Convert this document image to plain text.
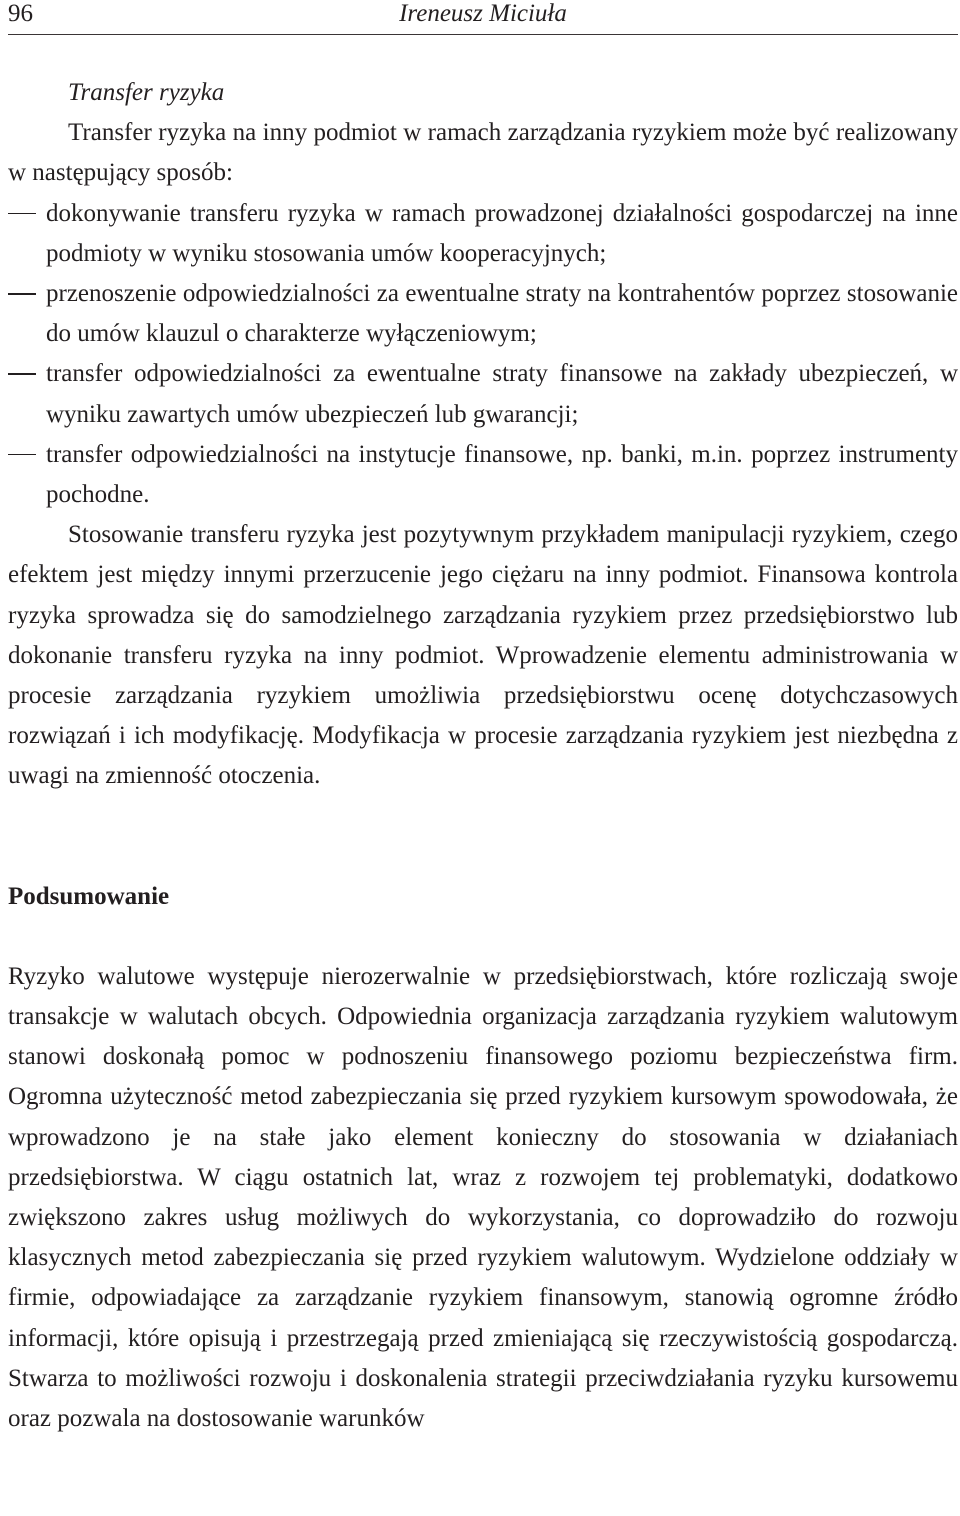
96	Ireneusz Miciuła
Transfer ryzyka

Transfer ryzyka na inny podmiot w ramach zarządzania ryzykiem może być realizowany w następujący sposób:

dokonywanie transferu ryzyka w ramach prowadzonej działalności gospodarczej na inne podmioty w wyniku stosowania umów kooperacyjnych;
przenoszenie odpowiedzialności za ewentualne straty na kontrahentów poprzez stosowanie do umów klauzul o charakterze wyłączeniowym;
transfer odpowiedzialności za ewentualne straty finansowe na zakłady ubezpieczeń, w wyniku zawartych umów ubezpieczeń lub gwarancji;
transfer odpowiedzialności na instytucje finansowe, np. banki, m.in. poprzez instrumenty pochodne.

Stosowanie transferu ryzyka jest pozytywnym przykładem manipulacji ryzykiem, czego efektem jest między innymi przerzucenie jego ciężaru na inny podmiot. Finansowa kontrola ryzyka sprowadza się do samodzielnego zarządzania ryzykiem przez przedsiębiorstwo lub dokonanie transferu ryzyka na inny podmiot. Wprowadzenie elementu administrowania w procesie zarządzania ryzykiem umożliwia przedsiębiorstwu ocenę dotychczasowych rozwiązań i ich modyfikację. Modyfikacja w procesie zarządzania ryzykiem jest niezbędna z uwagi na zmienność otoczenia.

Podsumowanie

Ryzyko walutowe występuje nierozerwalnie w przedsiębiorstwach, które rozliczają swoje transakcje w walutach obcych. Odpowiednia organizacja zarządzania ryzykiem walutowym stanowi doskonałą pomoc w podnoszeniu finansowego poziomu bezpieczeństwa firm. Ogromna użyteczność metod zabezpieczania się przed ryzykiem kursowym spowodowała, że wprowadzono je na stałe jako element konieczny do stosowania w działaniach przedsiębiorstwa. W ciągu ostatnich lat, wraz z rozwojem tej problematyki, dodatkowo zwiększono zakres usług możliwych do wykorzystania, co doprowadziło do rozwoju klasycznych metod zabezpieczania się przed ryzykiem walutowym. Wydzielone oddziały w firmie, odpowiadające za zarządzanie ryzykiem finansowym, stanowią ogromne źródło informacji, które opisują i przestrzegają przed zmieniającą się rzeczywistością gospodarczą. Stwarza to możliwości rozwoju i doskonalenia strategii przeciwdziałania ryzyku kursowemu oraz pozwala na dostosowanie warunków
